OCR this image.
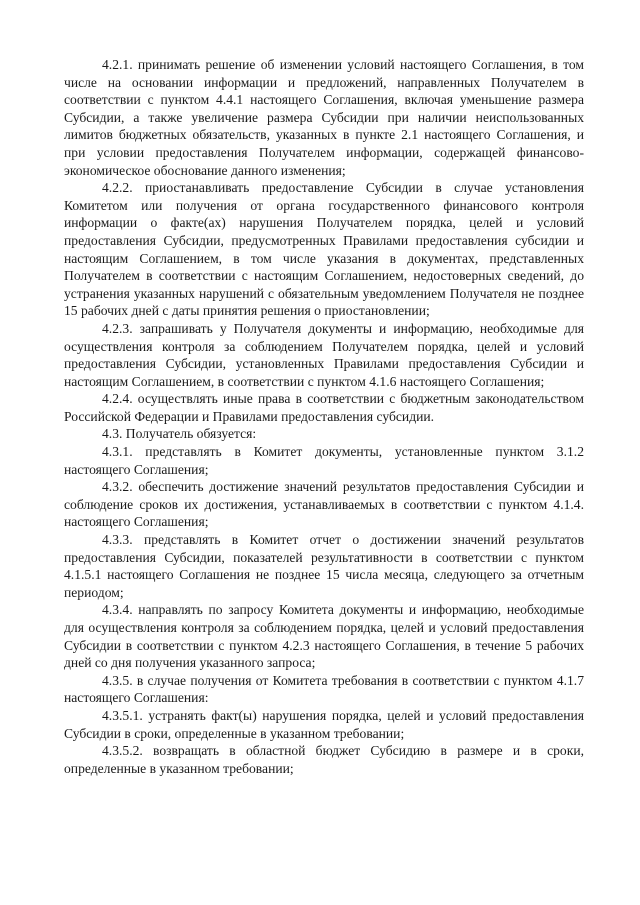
4.2.1. принимать решение об изменении условий настоящего Соглашения, в том числе на основании информации и предложений, направленных Получателем в соответствии с пунктом 4.4.1 настоящего Соглашения, включая уменьшение размера Субсидии, а также увеличение размера Субсидии при наличии неиспользованных лимитов бюджетных обязательств, указанных в пункте 2.1 настоящего Соглашения, и при условии предоставления Получателем информации, содержащей финансово-экономическое обоснование данного изменения;

4.2.2. приостанавливать предоставление Субсидии в случае установления Комитетом или получения от органа государственного финансового контроля информации о факте(ах) нарушения Получателем порядка, целей и условий предоставления Субсидии, предусмотренных Правилами предоставления субсидии и настоящим Соглашением, в том числе указания в документах, представленных Получателем в соответствии с настоящим Соглашением, недостоверных сведений, до устранения указанных нарушений с обязательным уведомлением Получателя не позднее 15 рабочих дней с даты принятия решения о приостановлении;

4.2.3. запрашивать у Получателя документы и информацию, необходимые для осуществления контроля за соблюдением Получателем порядка, целей и условий предоставления Субсидии, установленных Правилами предоставления Субсидии и настоящим Соглашением, в соответствии с пунктом 4.1.6 настоящего Соглашения;

4.2.4. осуществлять иные права в соответствии с бюджетным законодательством Российской Федерации и Правилами предоставления субсидии.

4.3. Получатель обязуется:

4.3.1. представлять в Комитет документы, установленные пунктом 3.1.2 настоящего Соглашения;

4.3.2. обеспечить достижение значений результатов предоставления Субсидии и соблюдение сроков их достижения, устанавливаемых в соответствии с пунктом 4.1.4. настоящего Соглашения;

4.3.3. представлять в Комитет отчет о достижении значений результатов предоставления Субсидии, показателей результативности в соответствии с пунктом 4.1.5.1 настоящего Соглашения не позднее 15 числа месяца, следующего за отчетным периодом;

4.3.4. направлять по запросу Комитета документы и информацию, необходимые для осуществления контроля за соблюдением порядка, целей и условий предоставления Субсидии в соответствии с пунктом 4.2.3 настоящего Соглашения, в течение 5 рабочих дней со дня получения указанного запроса;

4.3.5. в случае получения от Комитета требования в соответствии с пунктом 4.1.7 настоящего Соглашения:

4.3.5.1. устранять факт(ы) нарушения порядка, целей и условий предоставления Субсидии в сроки, определенные в указанном требовании;

4.3.5.2. возвращать в областной бюджет Субсидию в размере и в сроки, определенные в указанном требовании;
